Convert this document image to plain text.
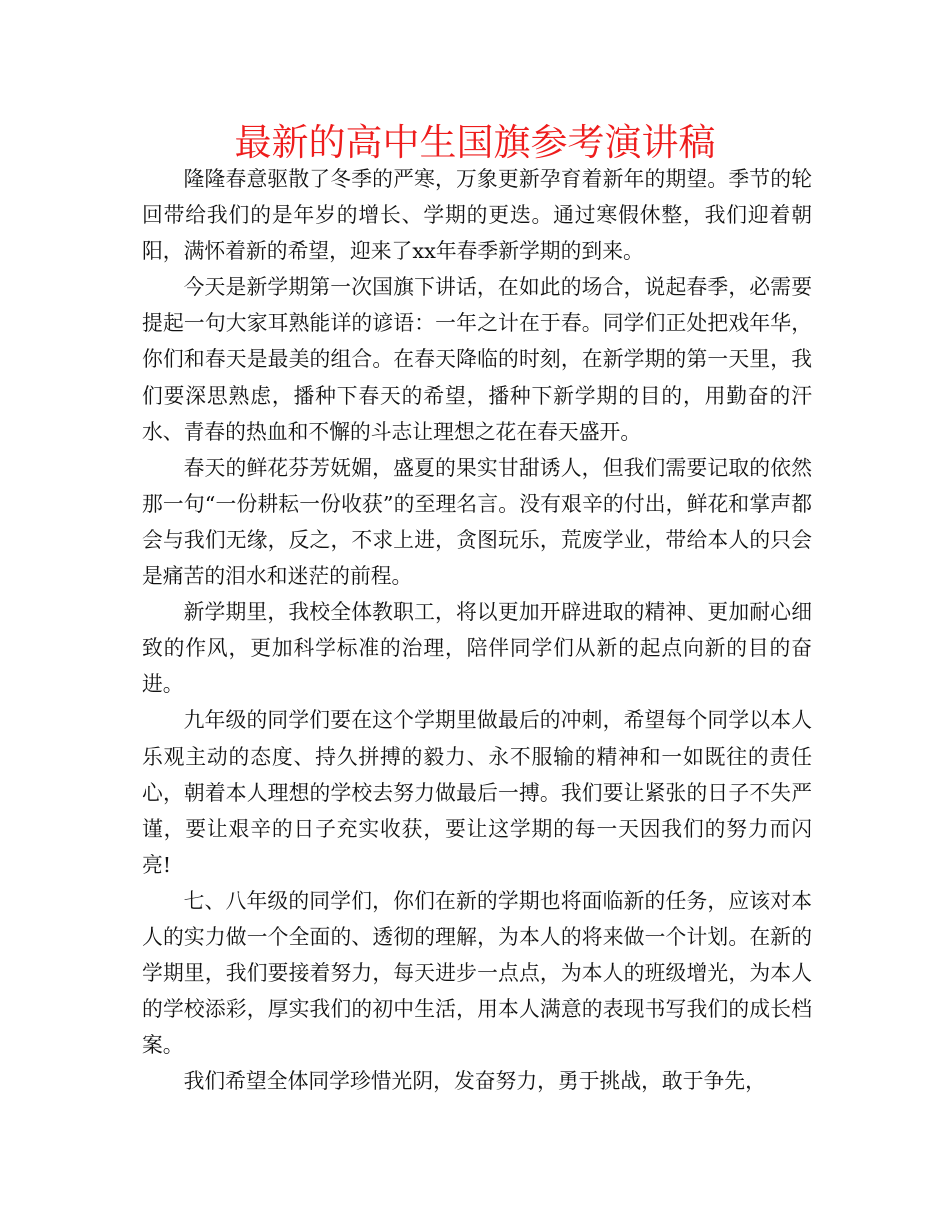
最新的高中生国旗参考演讲稿

隆隆春意驱散了冬季的严寒，万象更新孕育着新年的期望。季节的轮回带给我们的是年岁的增长、学期的更迭。通过寒假休整，我们迎着朝阳，满怀着新的希望，迎来了xx年春季新学期的到来。

今天是新学期第一次国旗下讲话，在如此的场合，说起春季，必需要提起一句大家耳熟能详的谚语：一年之计在于春。同学们正处把戏年华，你们和春天是最美的组合。在春天降临的时刻，在新学期的第一天里，我们要深思熟虑，播种下春天的希望，播种下新学期的目的，用勤奋的汗水、青春的热血和不懈的斗志让理想之花在春天盛开。

春天的鲜花芬芳妩媚，盛夏的果实甘甜诱人，但我们需要记取的依然那一句“一份耕耘一份收获”的至理名言。没有艰辛的付出，鲜花和掌声都会与我们无缘，反之，不求上进，贪图玩乐，荒废学业，带给本人的只会是痛苦的泪水和迷茫的前程。

新学期里，我校全体教职工，将以更加开辟进取的精神、更加耐心细致的作风，更加科学标准的治理，陪伴同学们从新的起点向新的目的奋进。

九年级的同学们要在这个学期里做最后的冲刺，希望每个同学以本人乐观主动的态度、持久拼搏的毅力、永不服输的精神和一如既往的责任心，朝着本人理想的学校去努力做最后一搏。我们要让紧张的日子不失严谨，要让艰辛的日子充实收获，要让这学期的每一天因我们的努力而闪亮!

七、八年级的同学们，你们在新的学期也将面临新的任务，应该对本人的实力做一个全面的、透彻的理解，为本人的将来做一个计划。在新的学期里，我们要接着努力，每天进步一点点，为本人的班级增光，为本人的学校添彩，厚实我们的初中生活，用本人满意的表现书写我们的成长档案。

我们希望全体同学珍惜光阴，发奋努力，勇于挑战，敢于争先，
